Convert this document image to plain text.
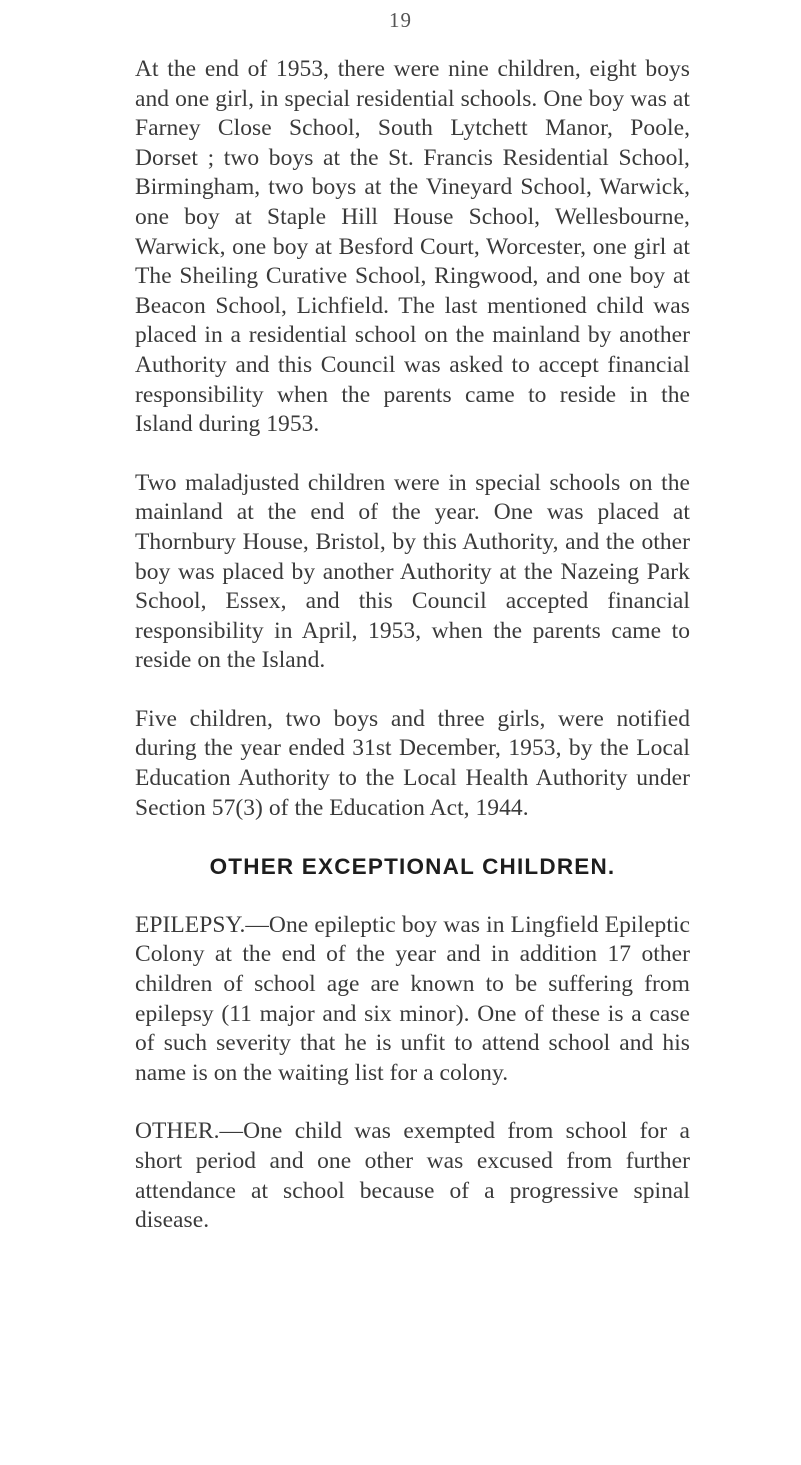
19

At the end of 1953, there were nine children, eight boys and one girl, in special residential schools. One boy was at Farney Close School, South Lytchett Manor, Poole, Dorset ; two boys at the St. Francis Residential School, Birmingham, two boys at the Vineyard School, Warwick, one boy at Staple Hill House School, Wellesbourne, Warwick, one boy at Besford Court, Worcester, one girl at The Sheiling Curative School, Ringwood, and one boy at Beacon School, Lichfield. The last mentioned child was placed in a residential school on the mainland by another Authority and this Council was asked to accept financial responsibility when the parents came to reside in the Island during 1953.

Two maladjusted children were in special schools on the mainland at the end of the year. One was placed at Thornbury House, Bristol, by this Authority, and the other boy was placed by another Authority at the Nazeing Park School, Essex, and this Council accepted financial responsibility in April, 1953, when the parents came to reside on the Island.

Five children, two boys and three girls, were notified during the year ended 31st December, 1953, by the Local Education Authority to the Local Health Authority under Section 57(3) of the Education Act, 1944.

OTHER EXCEPTIONAL CHILDREN.

EPILEPSY.—One epileptic boy was in Lingfield Epileptic Colony at the end of the year and in addition 17 other children of school age are known to be suffering from epilepsy (11 major and six minor). One of these is a case of such severity that he is unfit to attend school and his name is on the waiting list for a colony.

OTHER.—One child was exempted from school for a short period and one other was excused from further attendance at school because of a progressive spinal disease.
